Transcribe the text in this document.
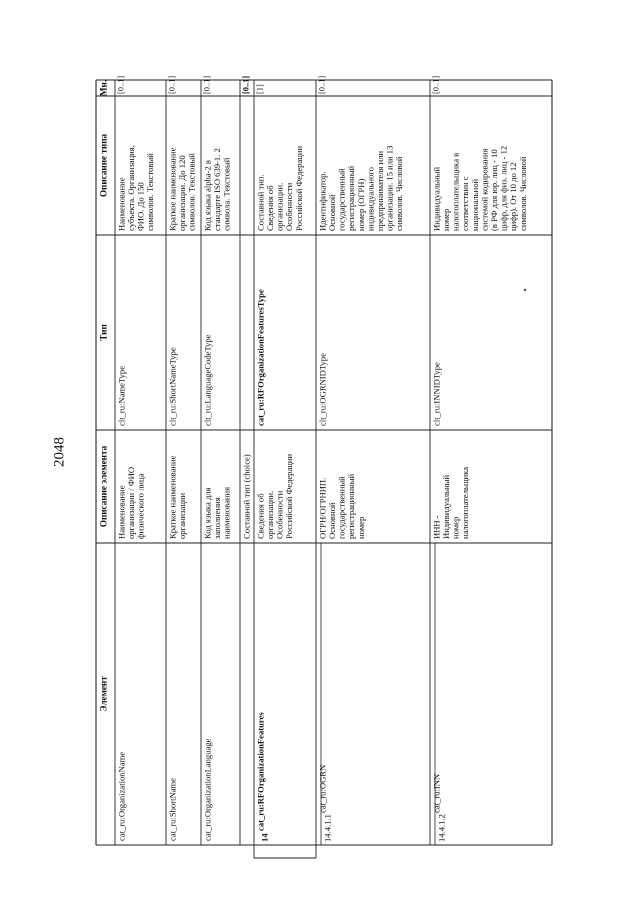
2048
Элемент
Описание элемента
Тип
Описание типа
Мн.
cat_ru:OrganizationName
Наименование организации / ФИО физического лица
clt_ru:NameType
Наименование субъекта. Организация, ФИО. До 150 символов. Текстовый
[0..1]
cat_ru:ShortName
Краткое наименование организации
clt_ru:ShortNameType
Краткое наименование организации. До 120 символов. Текстовый
[0..1]
cat_ru:OrganizationLanguage
Код языка для заполнения наименования
clt_ru:LanguageCodeType
Код языка alpha-2 в стандарте ISO 639-1. 2 символа. Текстовый
[0..1]
Составной тип (choice)
[0..1]
14
cat_ru:RFOrganizationFeatures
Сведения об организации. Особенности Российской Федерации
cat_ru:RFOrganizationFeaturesType
Составной тип. Сведения об организации. Особенности Российской Федерации
[1]
14.4.1.1
cat_ru:OGRN
ОГРН/ОГРНИП. Основной государственный регистрационный номер
clt_ru:OGRNIDType
Идентификатор. Основной государственный регистрационный номер (ОГРН) индивидуального предпринимателя или организации. 15 или 13 символов. Числовой
[0..1]
14.4.1.2
cat_ru:INN
ИНН - Индивидуальный номер налогоплательщика
clt_ru:INNIDType
Индивидуальный номер налогоплательщика в соответствии с национальной системой кодирования (в РФ для юр. лиц - 10 цифр, для физ. лиц - 12 цифр). От 10 до 12 символов. Числовой
[0..1]
